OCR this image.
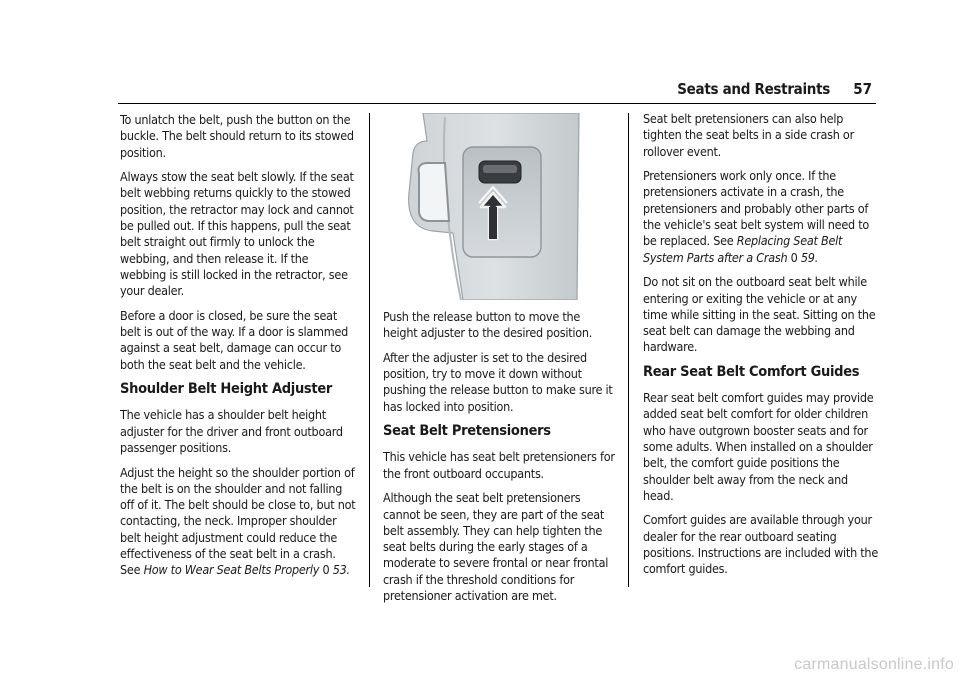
Seats and Restraints	57

To unlatch the belt, push the button on the buckle. The belt should return to its stowed position.

Always stow the seat belt slowly. If the seat belt webbing returns quickly to the stowed position, the retractor may lock and cannot be pulled out. If this happens, pull the seat belt straight out firmly to unlock the webbing, and then release it. If the webbing is still locked in the retractor, see your dealer.

Before a door is closed, be sure the seat belt is out of the way. If a door is slammed against a seat belt, damage can occur to both the seat belt and the vehicle.

Shoulder Belt Height Adjuster

The vehicle has a shoulder belt height adjuster for the driver and front outboard passenger positions.

Adjust the height so the shoulder portion of the belt is on the shoulder and not falling off of it. The belt should be close to, but not contacting, the neck. Improper shoulder belt height adjustment could reduce the effectiveness of the seat belt in a crash. See How to Wear Seat Belts Properly 0 53.

Push the release button to move the height adjuster to the desired position.

After the adjuster is set to the desired position, try to move it down without pushing the release button to make sure it has locked into position.

Seat Belt Pretensioners

This vehicle has seat belt pretensioners for the front outboard occupants.

Although the seat belt pretensioners cannot be seen, they are part of the seat belt assembly. They can help tighten the seat belts during the early stages of a moderate to severe frontal or near frontal crash if the threshold conditions for pretensioner activation are met.

Seat belt pretensioners can also help tighten the seat belts in a side crash or rollover event.

Pretensioners work only once. If the pretensioners activate in a crash, the pretensioners and probably other parts of the vehicle's seat belt system will need to be replaced. See Replacing Seat Belt System Parts after a Crash 0 59.

Do not sit on the outboard seat belt while entering or exiting the vehicle or at any time while sitting in the seat. Sitting on the seat belt can damage the webbing and hardware.

Rear Seat Belt Comfort Guides

Rear seat belt comfort guides may provide added seat belt comfort for older children who have outgrown booster seats and for some adults. When installed on a shoulder belt, the comfort guide positions the shoulder belt away from the neck and head.

Comfort guides are available through your dealer for the rear outboard seating positions. Instructions are included with the comfort guides.

carmanualsonline.info
